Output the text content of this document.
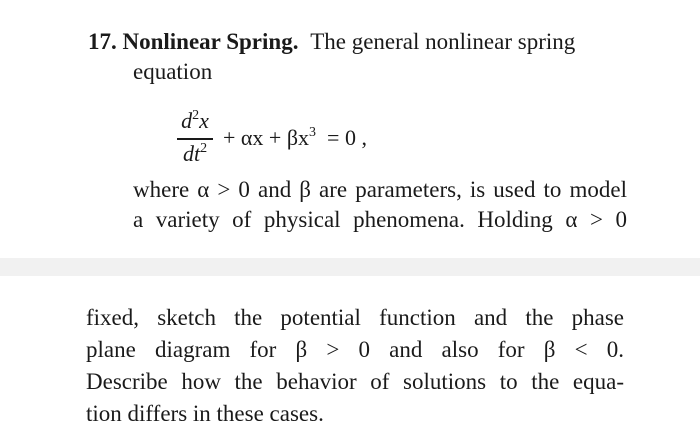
17. Nonlinear Spring. The general nonlinear spring
equation
$d^2x$
$dt^2 + \alpha x + \beta x^3 = 0$ ,
where α > 0 and β are parameters, is used to model
a variety of physical phenomena. Holding α > 0
fixed, sketch the potential function and the phase
plane diagram for β > 0 and also for β < 0.
Describe how the behavior of solutions to the equa-
tion differs in these cases.
